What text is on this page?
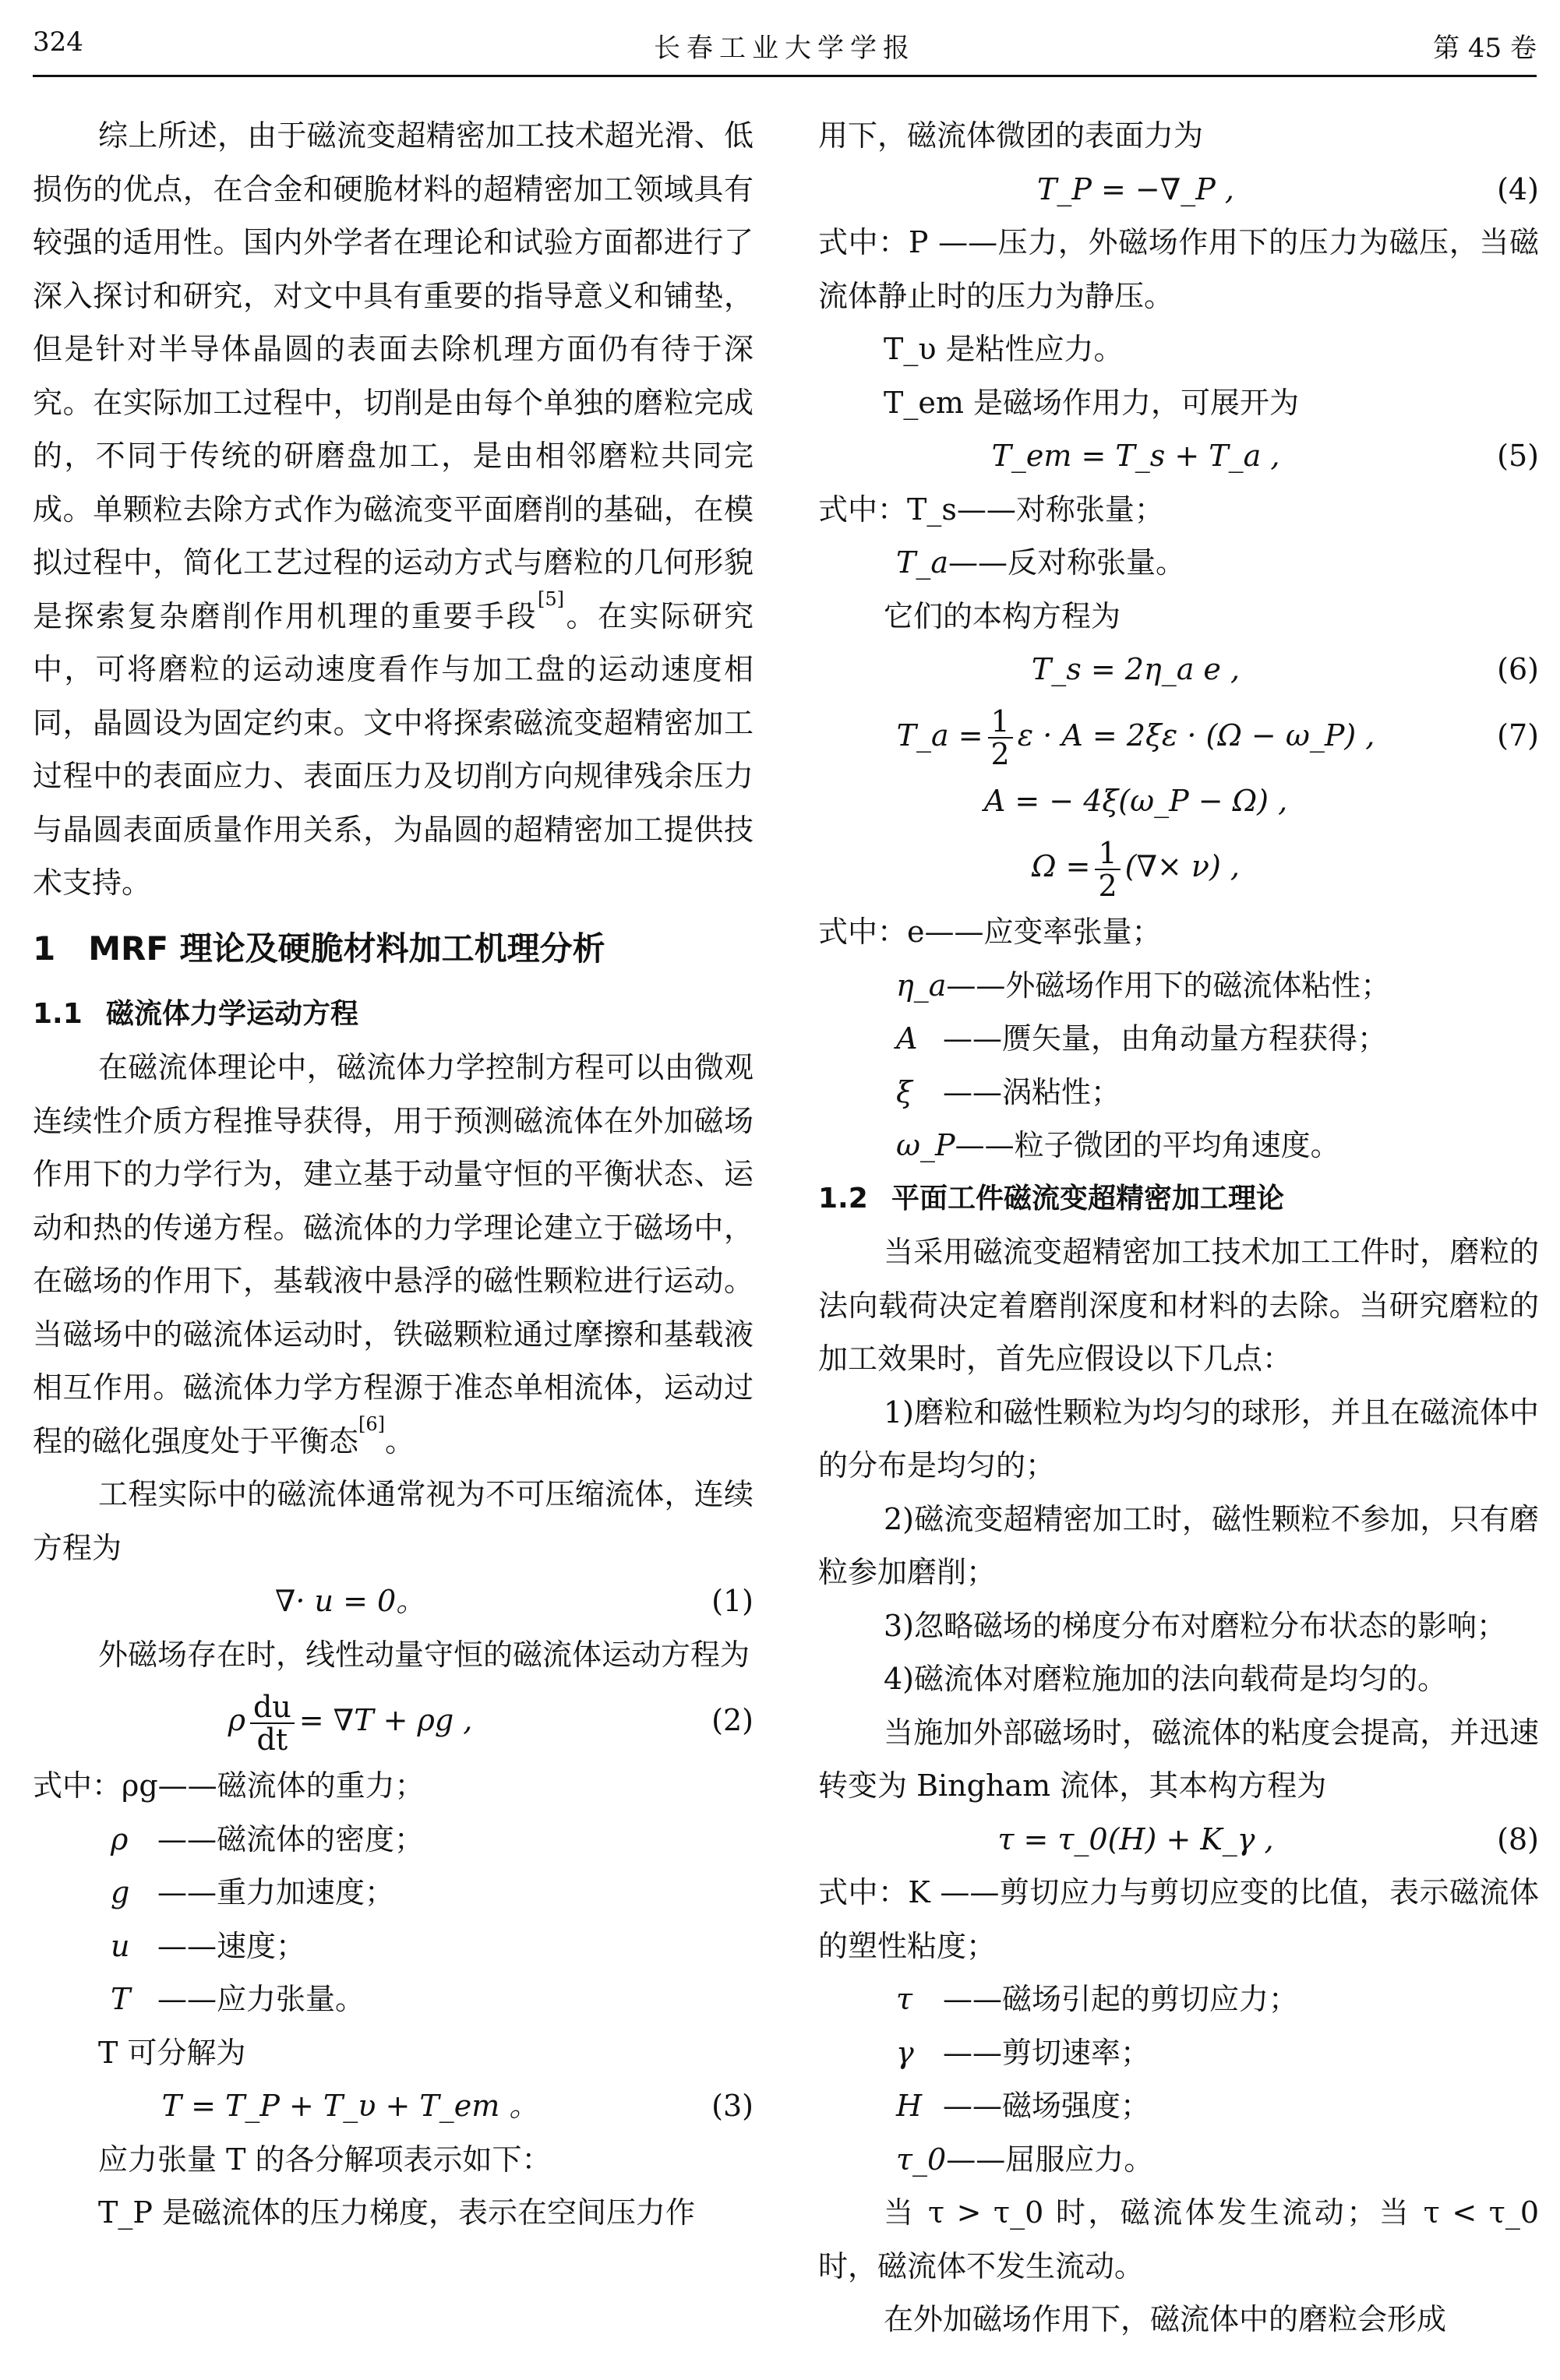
324	长春工业大学学报	第 45 卷

综上所述，由于磁流变超精密加工技术超光滑、低损伤的优点，在合金和硬脆材料的超精密加工领域具有较强的适用性。国内外学者在理论和试验方面都进行了深入探讨和研究，对文中具有重要的指导意义和铺垫，但是针对半导体晶圆的表面去除机理方面仍有待于深究。在实际加工过程中，切削是由每个单独的磨粒完成的，不同于传统的研磨盘加工，是由相邻磨粒共同完成。单颗粒去除方式作为磁流变平面磨削的基础，在模拟过程中，简化工艺过程的运动方式与磨粒的几何形貌是探索复杂磨削作用机理的重要手段[5]。在实际研究中，可将磨粒的运动速度看作与加工盘的运动速度相同，晶圆设为固定约束。文中将探索磁流变超精密加工过程中的表面应力、表面压力及切削方向规律残余压力与晶圆表面质量作用关系，为晶圆的超精密加工提供技术支持。

1　MRF 理论及硬脆材料加工机理分析

1.1 磁流体力学运动方程

在磁流体理论中，磁流体力学控制方程可以由微观连续性介质方程推导获得，用于预测磁流体在外加磁场作用下的力学行为，建立基于动量守恒的平衡状态、运动和热的传递方程。磁流体的力学理论建立于磁场中，在磁场的作用下，基载液中悬浮的磁性颗粒进行运动。当磁场中的磁流体运动时，铁磁颗粒通过摩擦和基载液相互作用。磁流体力学方程源于准态单相流体，运动过程的磁化强度处于平衡态[6]。

工程实际中的磁流体通常视为不可压缩流体，连续方程为

∇· u = 0。	(1)

外磁场存在时，线性动量守恒的磁流体运动方程为

ρ $\frac{du}{dt} = \nabla T + \rho g$ ,	(2)
式中：ρg——磁流体的重力；
ρ ——磁流体的密度；
g ——重力加速度；
u ——速度；
T ——应力张量。

T 可分解为

T = T_P + T_υ + T_em 。	(3)

应力张量 T 的各分解项表示如下：

T_P 是磁流体的压力梯度，表示在空间压力作

用下，磁流体微团的表面力为

T_P = −∇_P ,	(4)

式中：P ——压力，外磁场作用下的压力为磁压，当磁流体静止时的压力为静压。

T_υ 是粘性应力。

T_em 是磁场作用力，可展开为

T_em = T_s + T_a ,	(5)
式中：T_s——对称张量；
T_a——反对称张量。

它们的本构方程为

T_s = 2η_a e ,	(6)
T_a = $\frac{1}{2}$ ε · A = 2ξε · (Ω − ω_P) ,	(7)
A = − 4ξ(ω_P − Ω) ,
$\Omega = \frac{1}{2}$ (∇× ν) ,
式中：e——应变率张量；
η_a——外磁场作用下的磁流体粘性；
A ——赝矢量，由角动量方程获得；
ξ ——涡粘性；
ω_P——粒子微团的平均角速度。

1.2 平面工件磁流变超精密加工理论

当采用磁流变超精密加工技术加工工件时，磨粒的法向载荷决定着磨削深度和材料的去除。当研究磨粒的加工效果时，首先应假设以下几点：

1)磨粒和磁性颗粒为均匀的球形，并且在磁流体中的分布是均匀的；

2)磁流变超精密加工时，磁性颗粒不参加，只有磨粒参加磨削；

3)忽略磁场的梯度分布对磨粒分布状态的影响；

4)磁流体对磨粒施加的法向载荷是均匀的。

当施加外部磁场时，磁流体的粘度会提高，并迅速转变为 Bingham 流体，其本构方程为

τ = τ_0(H) + K_γ ,	(8)

式中：K ——剪切应力与剪切应变的比值，表示磁流体的塑性粘度；

τ ——磁场引起的剪切应力；
γ ——剪切速率；
H ——磁场强度；
τ_0——屈服应力。

当 τ > τ_0 时，磁流体发生流动；当 τ < τ_0 时，磁流体不发生流动。

在外加磁场作用下，磁流体中的磨粒会形成
